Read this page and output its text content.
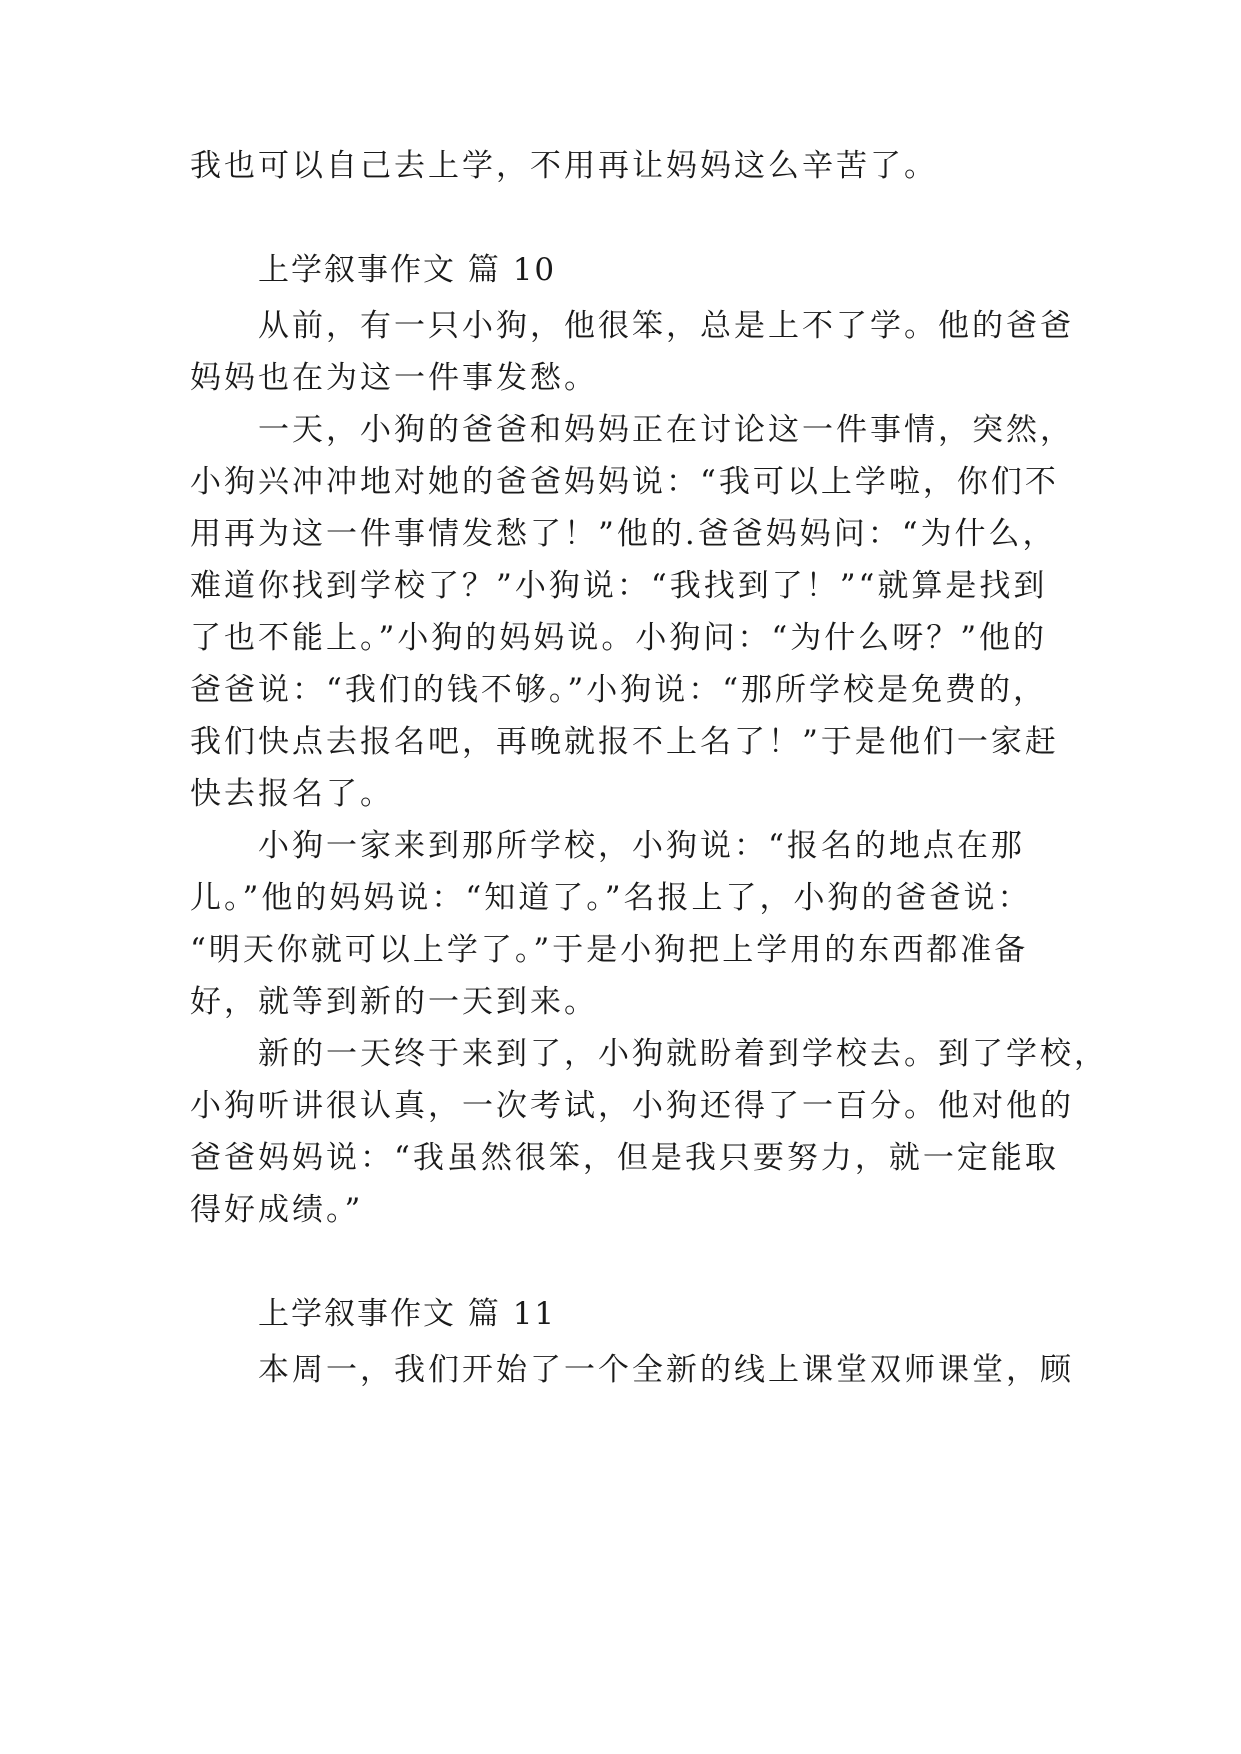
我也可以自己去上学，不用再让妈妈这么辛苦了。
上学叙事作文 篇 10
从前，有一只小狗，他很笨，总是上不了学。他的爸爸
妈妈也在为这一件事发愁。
一天，小狗的爸爸和妈妈正在讨论这一件事情，突然，
小狗兴冲冲地对她的爸爸妈妈说：“我可以上学啦，你们不
用再为这一件事情发愁了！”他的.爸爸妈妈问：“为什么，
难道你找到学校了？”小狗说：“我找到了！”“就算是找到
了也不能上。”小狗的妈妈说。小狗问：“为什么呀？”他的
爸爸说：“我们的钱不够。”小狗说：“那所学校是免费的，
我们快点去报名吧，再晚就报不上名了！”于是他们一家赶
快去报名了。
小狗一家来到那所学校，小狗说：“报名的地点在那
儿。”他的妈妈说：“知道了。”名报上了，小狗的爸爸说：
“明天你就可以上学了。”于是小狗把上学用的东西都准备
好，就等到新的一天到来。
新的一天终于来到了，小狗就盼着到学校去。到了学校，
小狗听讲很认真，一次考试，小狗还得了一百分。他对他的
爸爸妈妈说：“我虽然很笨，但是我只要努力，就一定能取
得好成绩。”
上学叙事作文 篇 11
本周一，我们开始了一个全新的线上课堂双师课堂，顾
